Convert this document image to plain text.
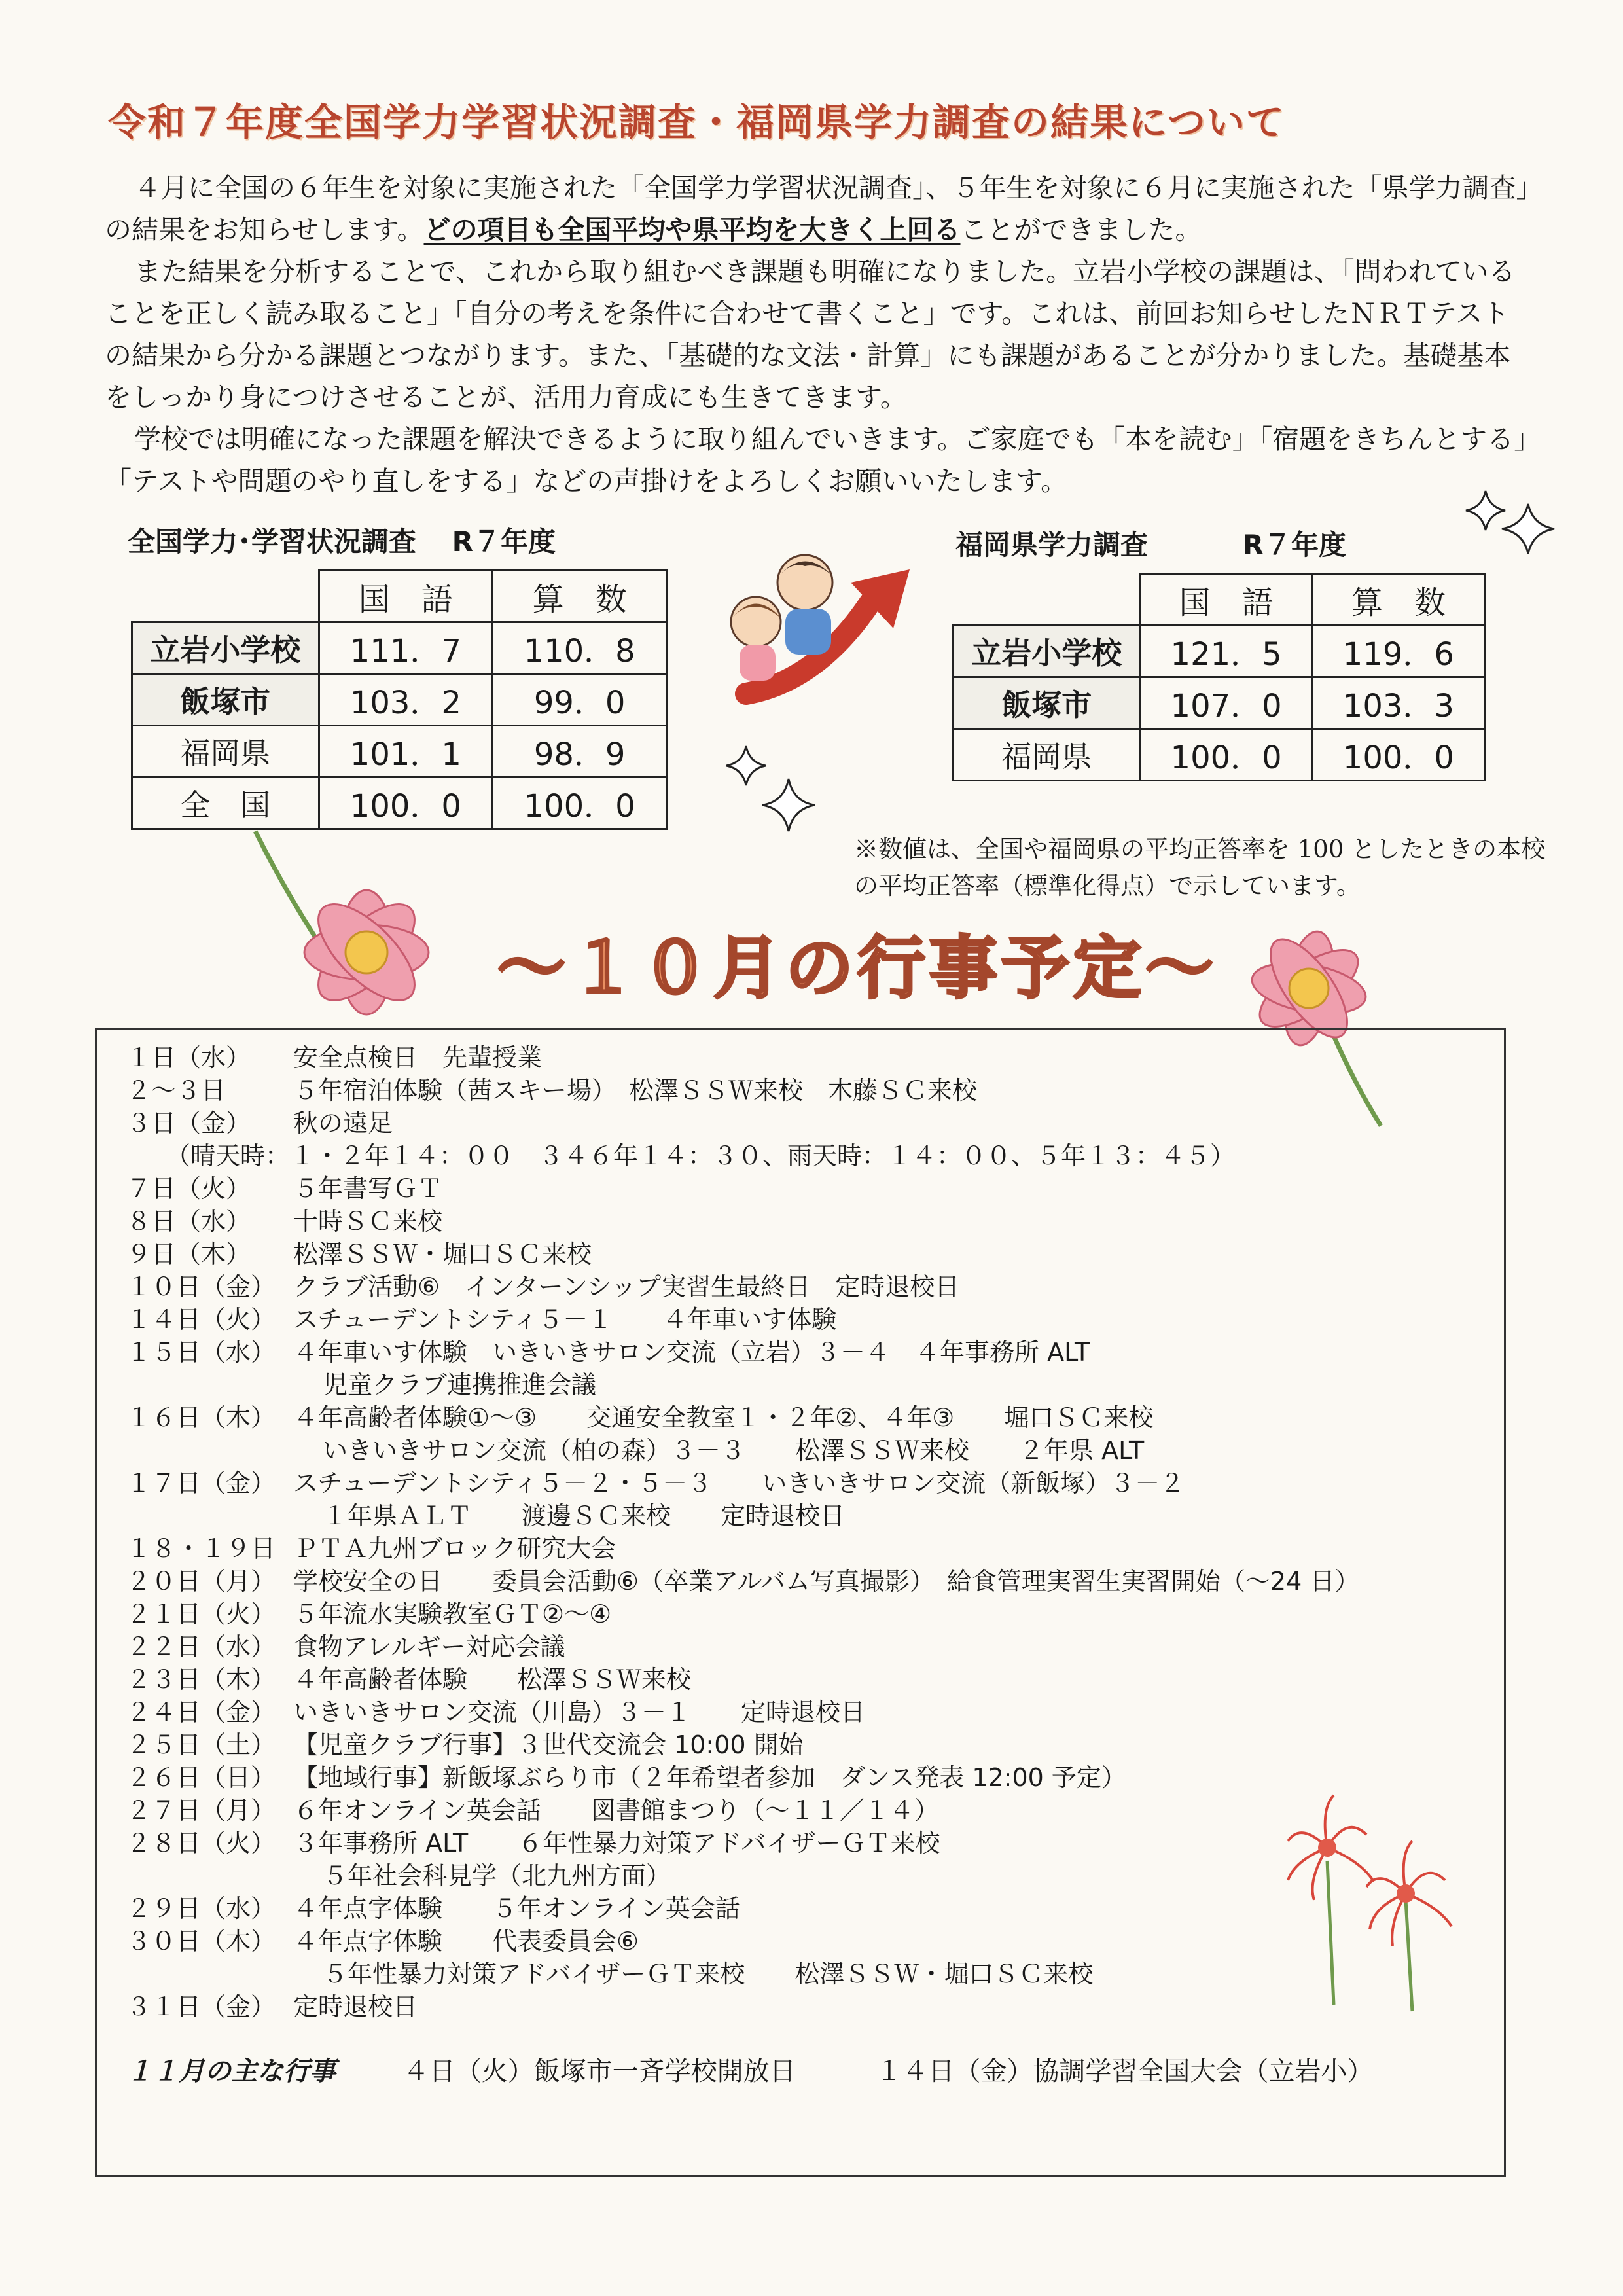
令和７年度全国学力学習状況調査・福岡県学力調査の結果について

４月に全国の６年生を対象に実施された「全国学力学習状況調査」、５年生を対象に６月に実施された「県学力調査」の結果をお知らせします。どの項目も全国平均や県平均を大きく上回ることができました。

また結果を分析することで、これから取り組むべき課題も明確になりました。立岩小学校の課題は、「問われていることを正しく読み取ること」「自分の考えを条件に合わせて書くこと」です。これは、前回お知らせしたＮＲＴテストの結果から分かる課題とつながります。また、「基礎的な文法・計算」にも課題があることが分かりました。基礎基本をしっかり身につけさせることが、活用力育成にも生きてきます。

学校では明確になった課題を解決できるように取り組んでいきます。ご家庭でも「本を読む」「宿題をきちんとする」「テストや問題のやり直しをする」などの声掛けをよろしくお願いいたします。

全国学力･学習状況調査 R７年度
	国　語	算　数
立岩小学校	111．7	110．8
飯塚市	103．2	99．0
福岡県	101．1	98．9
全　国	100．0	100．0
福岡県学力調査	R７年度
	国　語	算　数
立岩小学校	121．5	119．6
飯塚市	107．0	103．3
福岡県	100．0	100．0
※数値は、全国や福岡県の平均正答率を 100 としたときの本校の平均正答率（標準化得点）で示しています。
～１０月の行事予定～
１日（水） 安全点検日　先輩授業
２～３日	５年宿泊体験（茜スキー場）　松澤ＳＳＷ来校　木藤ＳＣ来校
３日（金） 秋の遠足
（晴天時：１・２年１４：００　３４６年１４：３０、雨天時：１４：００、５年１３：４５）
７日（火） ５年書写ＧＴ
８日（水） 十時ＳＣ来校
９日（木） 松澤ＳＳＷ・堀口ＳＣ来校
１０日（金） クラブ活動⑥　インターンシップ実習生最終日　定時退校日
１４日（火） スチューデントシティ５－１　　４年車いす体験
１５日（水） ４年車いす体験　いきいきサロン交流（立岩）３－４　４年事務所 ALT
児童クラブ連携推進会議
１６日（木） ４年高齢者体験①～③　　交通安全教室１・２年②、４年③　　堀口ＳＣ来校
いきいきサロン交流（柏の森）３－３　　松澤ＳＳＷ来校　　２年県 ALT
１７日（金） スチューデントシティ５－２・５－３　　いきいきサロン交流（新飯塚）３－２
１年県ＡＬＴ　　渡邊ＳＣ来校　　定時退校日
１８・１９日 ＰＴＡ九州ブロック研究大会
２０日（月） 学校安全の日　　委員会活動⑥（卒業アルバム写真撮影）　給食管理実習生実習開始（～24 日）
２１日（火） ５年流水実験教室ＧＴ②～④
２２日（水） 食物アレルギー対応会議
２３日（木） ４年高齢者体験　　松澤ＳＳＷ来校
２４日（金） いきいきサロン交流（川島）３－１　　定時退校日
２５日（土） 【児童クラブ行事】３世代交流会 10:00 開始
２６日（日） 【地域行事】新飯塚ぶらり市（２年希望者参加　ダンス発表 12:00 予定）
２７日（月） ６年オンライン英会話　　図書館まつり（～１１／１４）
２８日（火） ３年事務所 ALT　　６年性暴力対策アドバイザーＧＴ来校
５年社会科見学（北九州方面）
２９日（水） ４年点字体験　　５年オンライン英会話
３０日（木） ４年点字体験　　代表委員会⑥
５年性暴力対策アドバイザーＧＴ来校　　松澤ＳＳＷ・堀口ＳＣ来校
３１日（金） 定時退校日
１１月の主な行事	４日（火）飯塚市一斉学校開放日	１４日（金）協調学習全国大会（立岩小）
